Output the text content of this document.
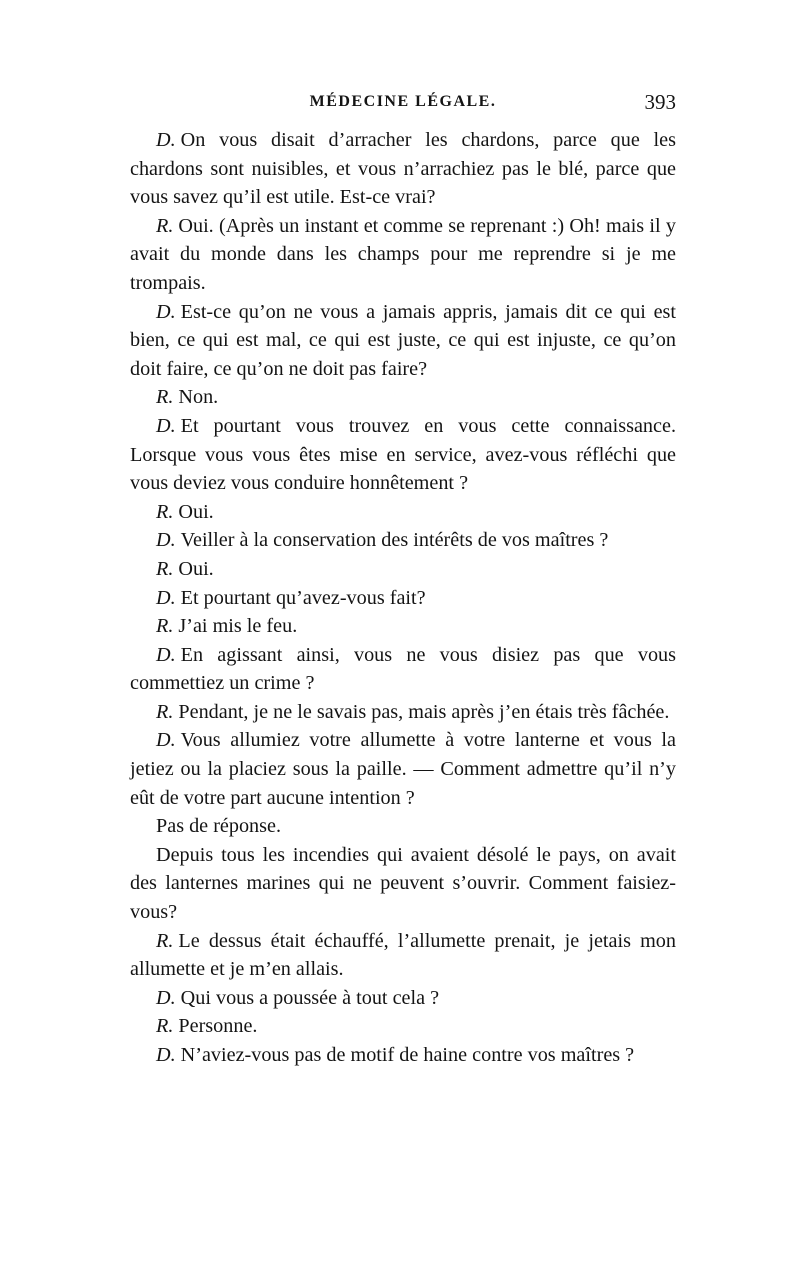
MÉDECINE LÉGALE.	393

D. On vous disait d’arracher les chardons, parce que les chardons sont nuisibles, et vous n’arrachiez pas le blé, parce que vous savez qu’il est utile. Est-ce vrai?

R. Oui. (Après un instant et comme se reprenant :) Oh! mais il y avait du monde dans les champs pour me reprendre si je me trompais.

D. Est-ce qu’on ne vous a jamais appris, jamais dit ce qui est bien, ce qui est mal, ce qui est juste, ce qui est injuste, ce qu’on doit faire, ce qu’on ne doit pas faire?

R. Non.

D. Et pourtant vous trouvez en vous cette connaissance. Lorsque vous vous êtes mise en service, avez-vous réfléchi que vous deviez vous conduire honnêtement ?

R. Oui.

D. Veiller à la conservation des intérêts de vos maîtres ?

R. Oui.

D. Et pourtant qu’avez-vous fait?

R. J’ai mis le feu.

D. En agissant ainsi, vous ne vous disiez pas que vous commettiez un crime ?

R. Pendant, je ne le savais pas, mais après j’en étais très fâchée.

D. Vous allumiez votre allumette à votre lanterne et vous la jetiez ou la placiez sous la paille. — Comment admettre qu’il n’y eût de votre part aucune intention ?

Pas de réponse.

Depuis tous les incendies qui avaient désolé le pays, on avait des lanternes marines qui ne peuvent s’ouvrir. Comment faisiez-vous?

R. Le dessus était échauffé, l’allumette prenait, je jetais mon allumette et je m’en allais.

D. Qui vous a poussée à tout cela ?

R. Personne.

D. N’aviez-vous pas de motif de haine contre vos maîtres ?
